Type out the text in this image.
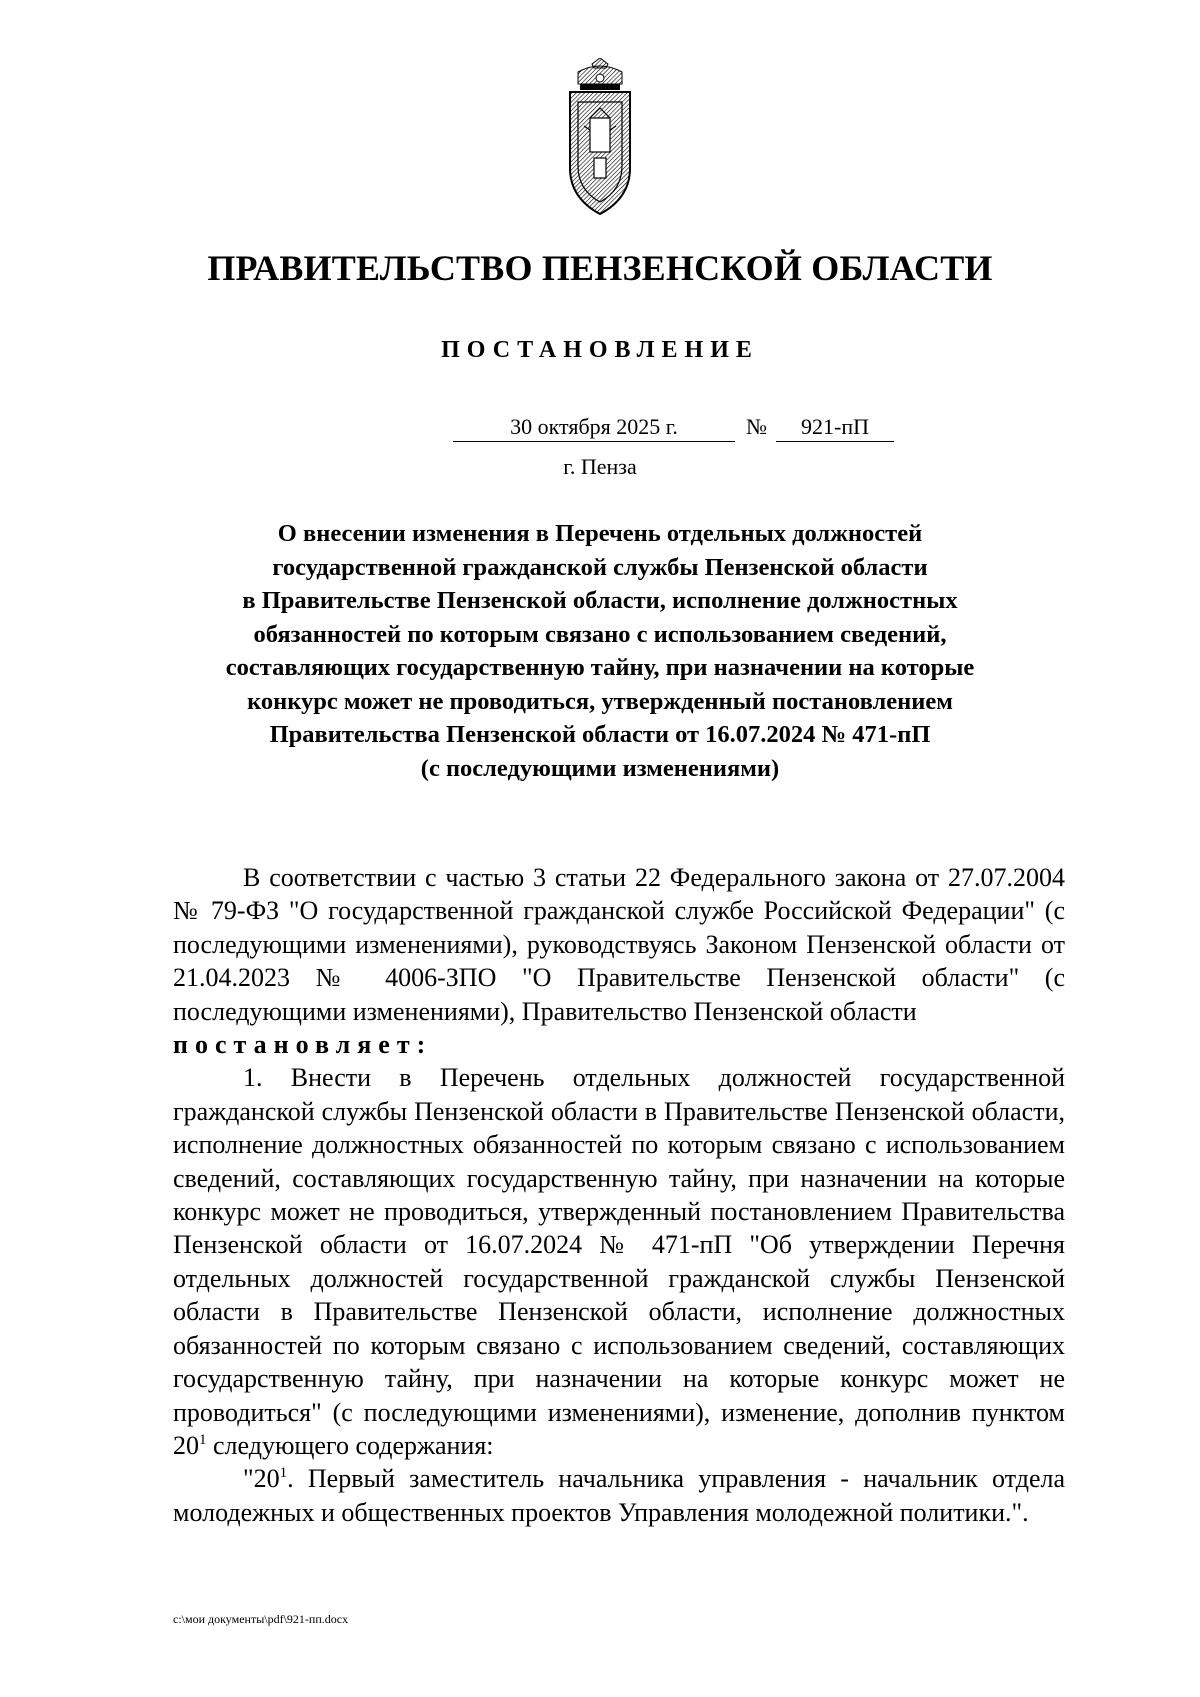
ПРАВИТЕЛЬСТВО ПЕНЗЕНСКОЙ ОБЛАСТИ
ПОСТАНОВЛЕНИЕ
30 октября 2025 г.	№	921-пП
г. Пенза
О внесении изменения в Перечень отдельных должностей
государственной гражданской службы Пензенской области
в Правительстве Пензенской области, исполнение должностных
обязанностей по которым связано с использованием сведений,
составляющих государственную тайну, при назначении на которые
конкурс может не проводиться, утвержденный постановлением
Правительства Пензенской области от 16.07.2024 № 471-пП
(с последующими изменениями)

В соответствии с частью 3 статьи 22 Федерального закона от 27.07.2004 № 79-ФЗ "О государственной гражданской службе Российской Федерации" (с последующими изменениями), руководствуясь Законом Пензенской области от 21.04.2023 № 4006-ЗПО "О Правительстве Пензенской области" (с последующими изменениями), Правительство Пензенской области

постановляет:

1. Внести в Перечень отдельных должностей государственной гражданской службы Пензенской области в Правительстве Пензенской области, исполнение должностных обязанностей по которым связано с использованием сведений, составляющих государственную тайну, при назначении на которые конкурс может не проводиться, утвержденный постановлением Правительства Пензенской области от 16.07.2024 № 471-пП "Об утверждении Перечня отдельных должностей государственной гражданской службы Пензенской области в Правительстве Пензенской области, исполнение должностных обязанностей по которым связано с использованием сведений, составляющих государственную тайну, при назначении на которые конкурс может не проводиться" (с последующими изменениями), изменение, дополнив пунктом $20^1$ следующего содержания:

"$20^1$. Первый заместитель начальника управления - начальник отдела молодежных и общественных проектов Управления молодежной политики.".

c:\мои документы\pdf\921-пп.docx
